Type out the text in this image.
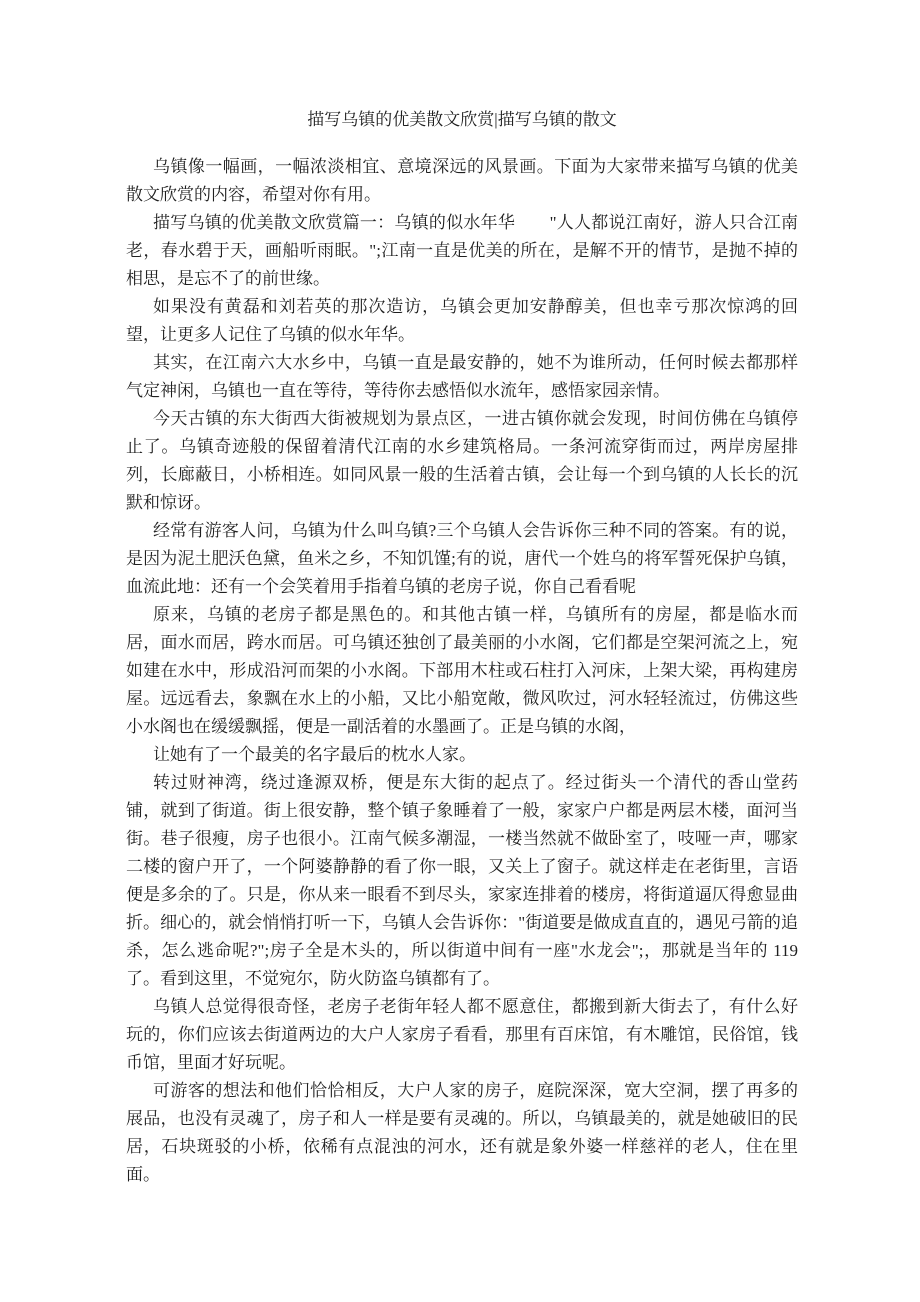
描写乌镇的优美散文欣赏|描写乌镇的散文

乌镇像一幅画，一幅浓淡相宜、意境深远的风景画。下面为大家带来描写乌镇的优美散文欣赏的内容，希望对你有用。

描写乌镇的优美散文欣赏篇一：乌镇的似水年华　　"人人都说江南好，游人只合江南老，春水碧于天，画船听雨眠。";江南一直是优美的所在，是解不开的情节，是抛不掉的相思，是忘不了的前世缘。

如果没有黄磊和刘若英的那次造访，乌镇会更加安静醇美，但也幸亏那次惊鸿的回望，让更多人记住了乌镇的似水年华。

其实，在江南六大水乡中，乌镇一直是最安静的，她不为谁所动，任何时候去都那样气定神闲，乌镇也一直在等待，等待你去感悟似水流年，感悟家园亲情。

今天古镇的东大街西大街被规划为景点区，一进古镇你就会发现，时间仿佛在乌镇停止了。乌镇奇迹般的保留着清代江南的水乡建筑格局。一条河流穿街而过，两岸房屋排列，长廊蔽日，小桥相连。如同风景一般的生活着古镇，会让每一个到乌镇的人长长的沉默和惊讶。

经常有游客人问，乌镇为什么叫乌镇?三个乌镇人会告诉你三种不同的答案。有的说，是因为泥土肥沃色黛，鱼米之乡，不知饥馑;有的说，唐代一个姓乌的将军誓死保护乌镇，血流此地：还有一个会笑着用手指着乌镇的老房子说，你自己看看呢

原来，乌镇的老房子都是黑色的。和其他古镇一样，乌镇所有的房屋，都是临水而居，面水而居，跨水而居。可乌镇还独创了最美丽的小水阁，它们都是空架河流之上，宛如建在水中，形成沿河而架的小水阁。下部用木柱或石柱打入河床，上架大梁，再构建房屋。远远看去，象飘在水上的小船，又比小船宽敞，微风吹过，河水轻轻流过，仿佛这些小水阁也在缓缓飘摇，便是一副活着的水墨画了。正是乌镇的水阁，

让她有了一个最美的名字最后的枕水人家。

转过财神湾，绕过逢源双桥，便是东大街的起点了。经过街头一个清代的香山堂药铺，就到了街道。街上很安静，整个镇子象睡着了一般，家家户户都是两层木楼，面河当街。巷子很瘦，房子也很小。江南气候多潮湿，一楼当然就不做卧室了，吱哑一声，哪家二楼的窗户开了，一个阿婆静静的看了你一眼，又关上了窗子。就这样走在老街里，言语便是多余的了。只是，你从来一眼看不到尽头，家家连排着的楼房，将街道逼仄得愈显曲折。细心的，就会悄悄打听一下，乌镇人会告诉你："街道要是做成直直的，遇见弓箭的追杀，怎么逃命呢?";房子全是木头的，所以街道中间有一座"水龙会";，那就是当年的 119 了。看到这里，不觉宛尔，防火防盗乌镇都有了。

乌镇人总觉得很奇怪，老房子老街年轻人都不愿意住，都搬到新大街去了，有什么好玩的，你们应该去街道两边的大户人家房子看看，那里有百床馆，有木雕馆，民俗馆，钱币馆，里面才好玩呢。

可游客的想法和他们恰恰相反，大户人家的房子，庭院深深，宽大空洞，摆了再多的展品，也没有灵魂了，房子和人一样是要有灵魂的。所以，乌镇最美的，就是她破旧的民居，石块斑驳的小桥，依稀有点混浊的河水，还有就是象外婆一样慈祥的老人，住在里面。
